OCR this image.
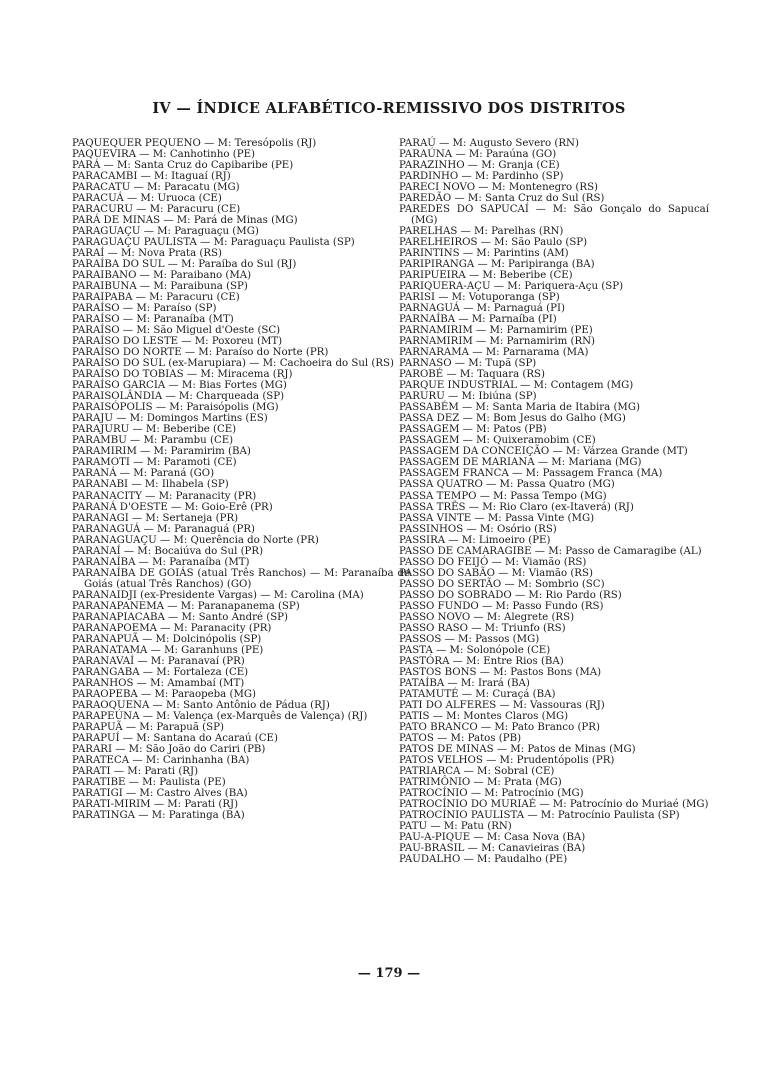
IV — ÍNDICE ALFABÉTICO-REMISSIVO DOS DISTRITOS
PAQUEQUER PEQUENO — M: Teresópolis (RJ)
PAQUEVIRA — M: Canhotinho (PE)
PARÁ — M: Santa Cruz do Capibaribe (PE)
PARACAMBI — M: Itaguaí (RJ)
PARACATU — M: Paracatu (MG)
PARACUÁ — M: Uruoca (CE)
PARACURU — M: Paracuru (CE)
PARÁ DE MINAS — M: Pará de Minas (MG)
PARAGUAÇU — M: Paraguaçu (MG)
PARAGUAÇU PAULISTA — M: Paraguaçu Paulista (SP)
PARAÍ — M: Nova Prata (RS)
PARAÍBA DO SUL — M: Paraíba do Sul (RJ)
PARAIBANO — M: Paraibano (MA)
PARAIBUNA — M: Paraibuna (SP)
PARAIPABA — M: Paracuru (CE)
PARAÍSO — M: Paraíso (SP)
PARAÍSO — M: Paranaíba (MT)
PARAÍSO — M: São Miguel d'Oeste (SC)
PARAÍSO DO LESTE — M: Poxoreu (MT)
PARAÍSO DO NORTE — M: Paraíso do Norte (PR)
PARAÍSO DO SUL (ex-Marupiara) — M: Cachoeira do Sul (RS)
PARAÍSO DO TOBIAS — M: Miracema (RJ)
PARAÍSO GARCIA — M: Bias Fortes (MG)
PARAISOLÂNDIA — M: Charqueada (SP)
PARAISÓPOLIS — M: Paraisópolis (MG)
PARAJU — M: Domingos Martins (ES)
PARAJURU — M: Beberibe (CE)
PARAMBU — M: Parambu (CE)
PARAMIRIM — M: Paramirim (BA)
PARAMOTI — M: Paramoti (CE)
PARANÁ — M: Paraná (GO)
PARANABI — M: Ilhabela (SP)
PARANACITY — M: Paranacity (PR)
PARANÁ D'OESTE — M: Goio-Erê (PR)
PARANAGI — M: Sertaneja (PR)
PARANAGUÁ — M: Paranaguá (PR)
PARANAGUAÇU — M: Querência do Norte (PR)
PARANAÍ — M: Bocaiúva do Sul (PR)
PARANAÍBA — M: Paranaíba (MT)
PARANAÍBA DE GOIÁS (atual Três Ranchos) — M: Paranaíba de Goiás (atual Três Ranchos) (GO)
PARANAIDJI (ex-Presidente Vargas) — M: Carolina (MA)
PARANAPANEMA — M: Paranapanema (SP)
PARANAPIACABA — M: Santo André (SP)
PARANAPOEMA — M: Paranacity (PR)
PARANAPUÃ — M: Dolcinópolis (SP)
PARANATAMA — M: Garanhuns (PE)
PARANAVAÍ — M: Paranavaí (PR)
PARANGABA — M: Fortaleza (CE)
PARANHOS — M: Amambaí (MT)
PARAOPEBA — M: Paraopeba (MG)
PARAOQUENA — M: Santo Antônio de Pádua (RJ)
PARAPEÚNA — M: Valença (ex-Marquês de Valença) (RJ)
PARAPUÃ — M: Parapuã (SP)
PARAPUÍ — M: Santana do Acaraú (CE)
PARARI — M: São João do Cariri (PB)
PARATECA — M: Carinhanha (BA)
PARATI — M: Parati (RJ)
PARATIBE — M: Paulista (PE)
PARATIGI — M: Castro Alves (BA)
PARATI-MIRIM — M: Parati (RJ)
PARATINGA — M: Paratinga (BA)
PARAÚ — M: Augusto Severo (RN)
PARAÚNA — M: Paraúna (GO)
PARAZINHO — M: Granja (CE)
PARDINHO — M: Pardinho (SP)
PARECI NOVO — M: Montenegro (RS)
PAREDÃO — M: Santa Cruz do Sul (RS)
PAREDES DO SAPUCAÍ — M: São Gonçalo do Sapucaí (MG)
PARELHAS — M: Parelhas (RN)
PARELHEIROS — M: São Paulo (SP)
PARINTINS — M: Parintins (AM)
PARIPIRANGA — M: Paripiranga (BA)
PARIPUEIRA — M: Beberibe (CE)
PARIQUERA-AÇU — M: Pariquera-Açu (SP)
PARISI — M: Votuporanga (SP)
PARNAGUÁ — M: Parnaguá (PI)
PARNAÍBA — M: Parnaíba (PI)
PARNAMIRIM — M: Parnamirim (PE)
PARNAMIRIM — M: Parnamirim (RN)
PARNARAMA — M: Parnarama (MA)
PARNASO — M: Tupã (SP)
PAROBÉ — M: Taquara (RS)
PARQUE INDUSTRIAL — M: Contagem (MG)
PARURU — M: Ibiúna (SP)
PASSABÉM — M: Santa Maria de Itabira (MG)
PASSA DEZ — M: Bom Jesus do Galho (MG)
PASSAGEM — M: Patos (PB)
PASSAGEM — M: Quixeramobim (CE)
PASSAGEM DA CONCEIÇÃO — M: Várzea Grande (MT)
PASSAGEM DE MARIANA — M: Mariana (MG)
PASSAGEM FRANCA — M: Passagem Franca (MA)
PASSA QUATRO — M: Passa Quatro (MG)
PASSA TEMPO — M: Passa Tempo (MG)
PASSA TRÊS — M: Rio Claro (ex-Itaverá) (RJ)
PASSA VINTE — M: Passa Vinte (MG)
PASSINHOS — M: Osório (RS)
PASSIRA — M: Limoeiro (PE)
PASSO DE CAMARAGIBE — M: Passo de Camaragibe (AL)
PASSO DO FEIJÓ — M: Viamão (RS)
PASSO DO SABÃO — M: Viamão (RS)
PASSO DO SERTÃO — M: Sombrio (SC)
PASSO DO SOBRADO — M: Rio Pardo (RS)
PASSO FUNDO — M: Passo Fundo (RS)
PASSO NOVO — M: Alegrete (RS)
PASSO RASO — M: Triunfo (RS)
PASSOS — M: Passos (MG)
PASTA — M: Solonópole (CE)
PASTÓRA — M: Entre Rios (BA)
PASTOS BONS — M: Pastos Bons (MA)
PATAÍBA — M: Irará (BA)
PATAMUTÉ — M: Curaçá (BA)
PATI DO ALFERES — M: Vassouras (RJ)
PATIS — M: Montes Claros (MG)
PATO BRANCO — M: Pato Branco (PR)
PATOS — M: Patos (PB)
PATOS DE MINAS — M: Patos de Minas (MG)
PATOS VELHOS — M: Prudentópolis (PR)
PATRIARCA — M: Sobral (CE)
PATRIMÔNIO — M: Prata (MG)
PATROCÍNIO — M: Patrocínio (MG)
PATROCÍNIO DO MURIAÉ — M: Patrocínio do Muriaé (MG)
PATROCÍNIO PAULISTA — M: Patrocínio Paulista (SP)
PATU — M: Patu (RN)
PAU-A-PIQUE — M: Casa Nova (BA)
PAU-BRASIL — M: Canavieiras (BA)
PAUDALHO — M: Paudalho (PE)
— 179 —
